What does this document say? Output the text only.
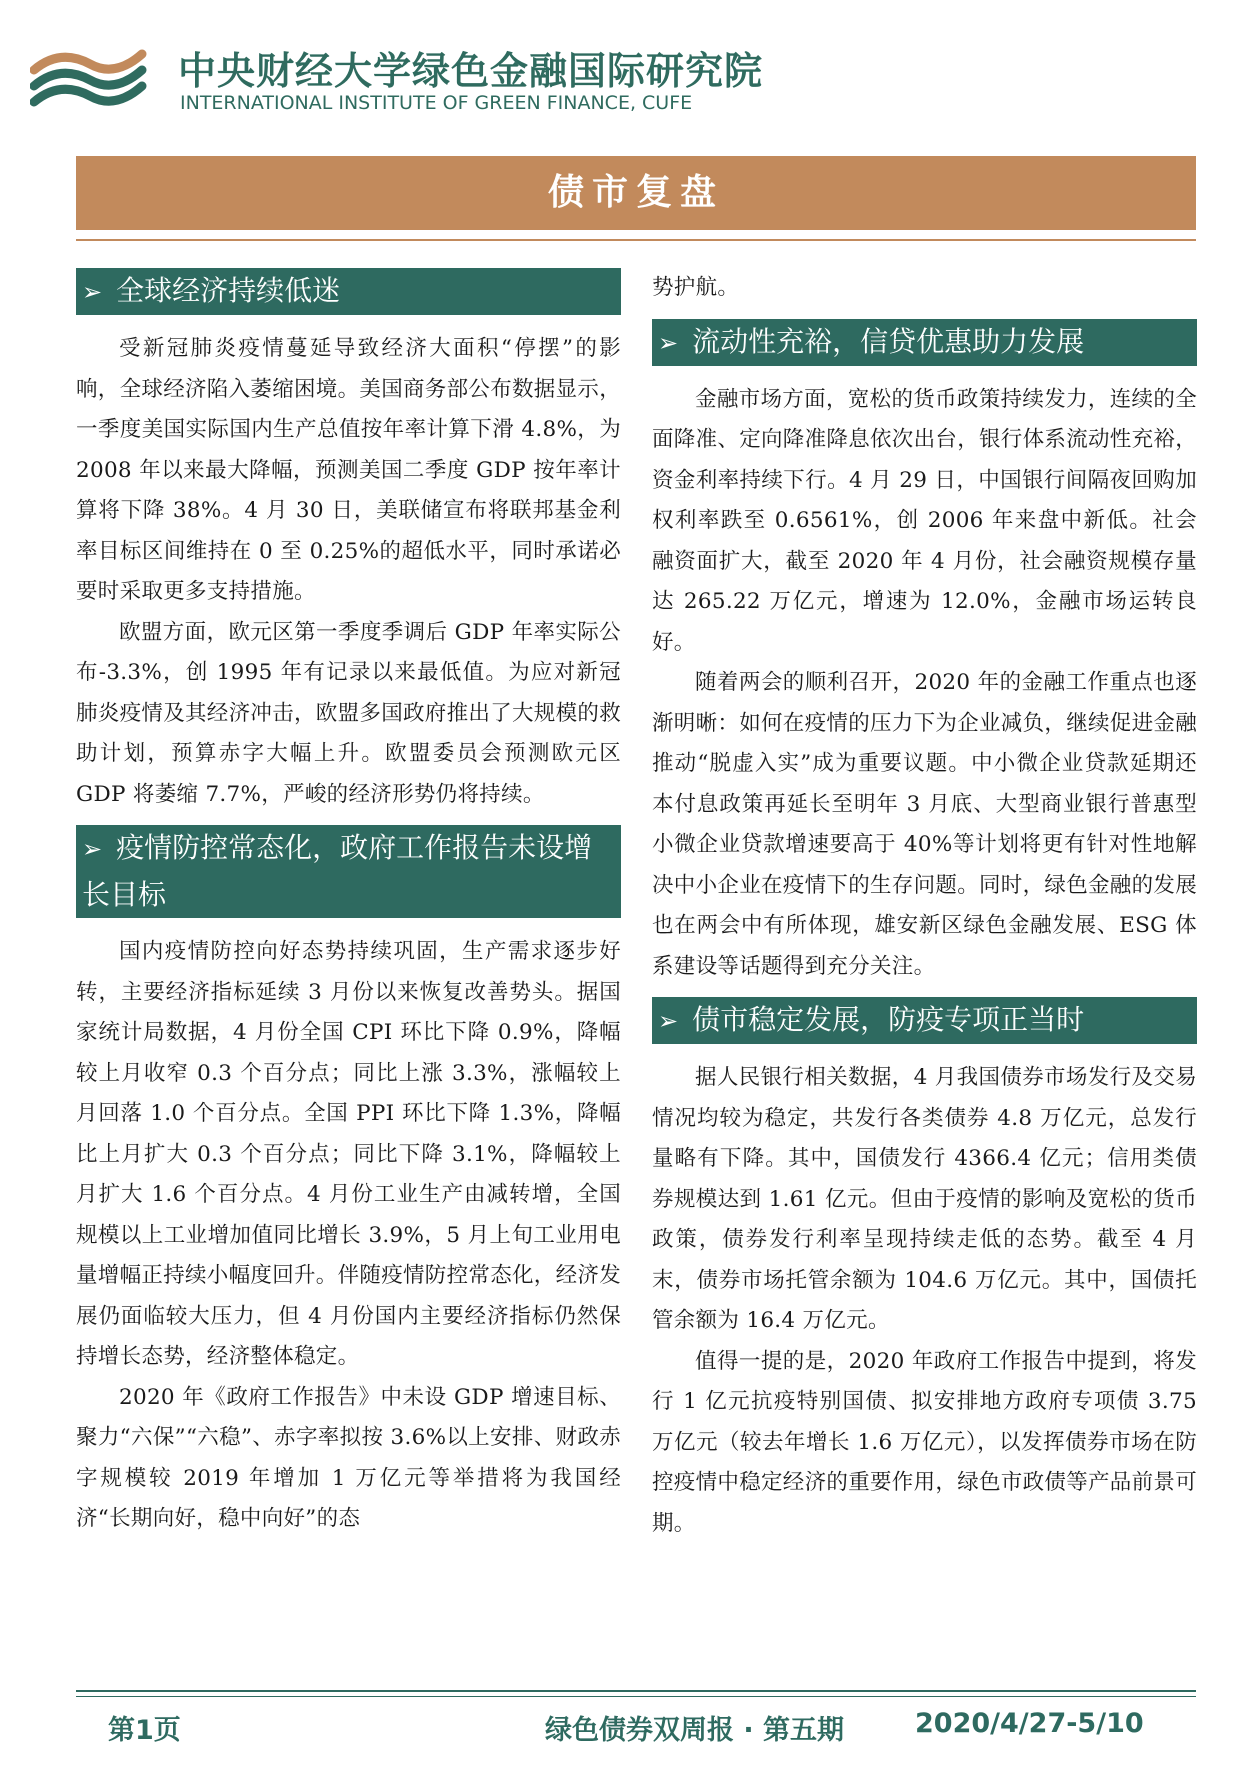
中央财经大学绿色金融国际研究院
INTERNATIONAL INSTITUTE OF GREEN FINANCE, CUFE
债市复盘
➢ 全球经济持续低迷

受新冠肺炎疫情蔓延导致经济大面积“停摆”的影响，全球经济陷入萎缩困境。美国商务部公布数据显示，一季度美国实际国内生产总值按年率计算下滑 4.8%，为 2008 年以来最大降幅，预测美国二季度 GDP 按年率计算将下降 38%。4 月 30 日，美联储宣布将联邦基金利率目标区间维持在 0 至 0.25%的超低水平，同时承诺必要时采取更多支持措施。

欧盟方面，欧元区第一季度季调后 GDP 年率实际公布-3.3%，创 1995 年有记录以来最低值。为应对新冠肺炎疫情及其经济冲击，欧盟多国政府推出了大规模的救助计划，预算赤字大幅上升。欧盟委员会预测欧元区 GDP 将萎缩 7.7%，严峻的经济形势仍将持续。

➢ 疫情防控常态化，政府工作报告未设增长目标

国内疫情防控向好态势持续巩固，生产需求逐步好转，主要经济指标延续 3 月份以来恢复改善势头。据国家统计局数据，4 月份全国 CPI 环比下降 0.9%，降幅较上月收窄 0.3 个百分点；同比上涨 3.3%，涨幅较上月回落 1.0 个百分点。全国 PPI 环比下降 1.3%，降幅比上月扩大 0.3 个百分点；同比下降 3.1%，降幅较上月扩大 1.6 个百分点。4 月份工业生产由减转增，全国规模以上工业增加值同比增长 3.9%，5 月上旬工业用电量增幅正持续小幅度回升。伴随疫情防控常态化，经济发展仍面临较大压力，但 4 月份国内主要经济指标仍然保持增长态势，经济整体稳定。

2020 年《政府工作报告》中未设 GDP 增速目标、聚力“六保”“六稳”、赤字率拟按 3.6%以上安排、财政赤字规模较 2019 年增加 1 万亿元等举措将为我国经济“长期向好，稳中向好”的态

势护航。

➢ 流动性充裕，信贷优惠助力发展

金融市场方面，宽松的货币政策持续发力，连续的全面降准、定向降准降息依次出台，银行体系流动性充裕，资金利率持续下行。4 月 29 日，中国银行间隔夜回购加权利率跌至 0.6561%，创 2006 年来盘中新低。社会融资面扩大，截至 2020 年 4 月份，社会融资规模存量达 265.22 万亿元，增速为 12.0%，金融市场运转良好。

随着两会的顺利召开，2020 年的金融工作重点也逐渐明晰：如何在疫情的压力下为企业减负，继续促进金融推动“脱虚入实”成为重要议题。中小微企业贷款延期还本付息政策再延长至明年 3 月底、大型商业银行普惠型小微企业贷款增速要高于 40%等计划将更有针对性地解决中小企业在疫情下的生存问题。同时，绿色金融的发展也在两会中有所体现，雄安新区绿色金融发展、ESG 体系建设等话题得到充分关注。

➢ 债市稳定发展，防疫专项正当时

据人民银行相关数据，4 月我国债券市场发行及交易情况均较为稳定，共发行各类债券 4.8 万亿元，总发行量略有下降。其中，国债发行 4366.4 亿元；信用类债券规模达到 1.61 亿元。但由于疫情的影响及宽松的货币政策，债券发行利率呈现持续走低的态势。截至 4 月末，债券市场托管余额为 104.6 万亿元。其中，国债托管余额为 16.4 万亿元。

值得一提的是，2020 年政府工作报告中提到，将发行 1 亿元抗疫特别国债、拟安排地方政府专项债 3.75 万亿元（较去年增长 1.6 万亿元），以发挥债券市场在防控疫情中稳定经济的重要作用，绿色市政债等产品前景可期。

第1页	绿色债券双周报 · 第五期	2020/4/27-5/10
